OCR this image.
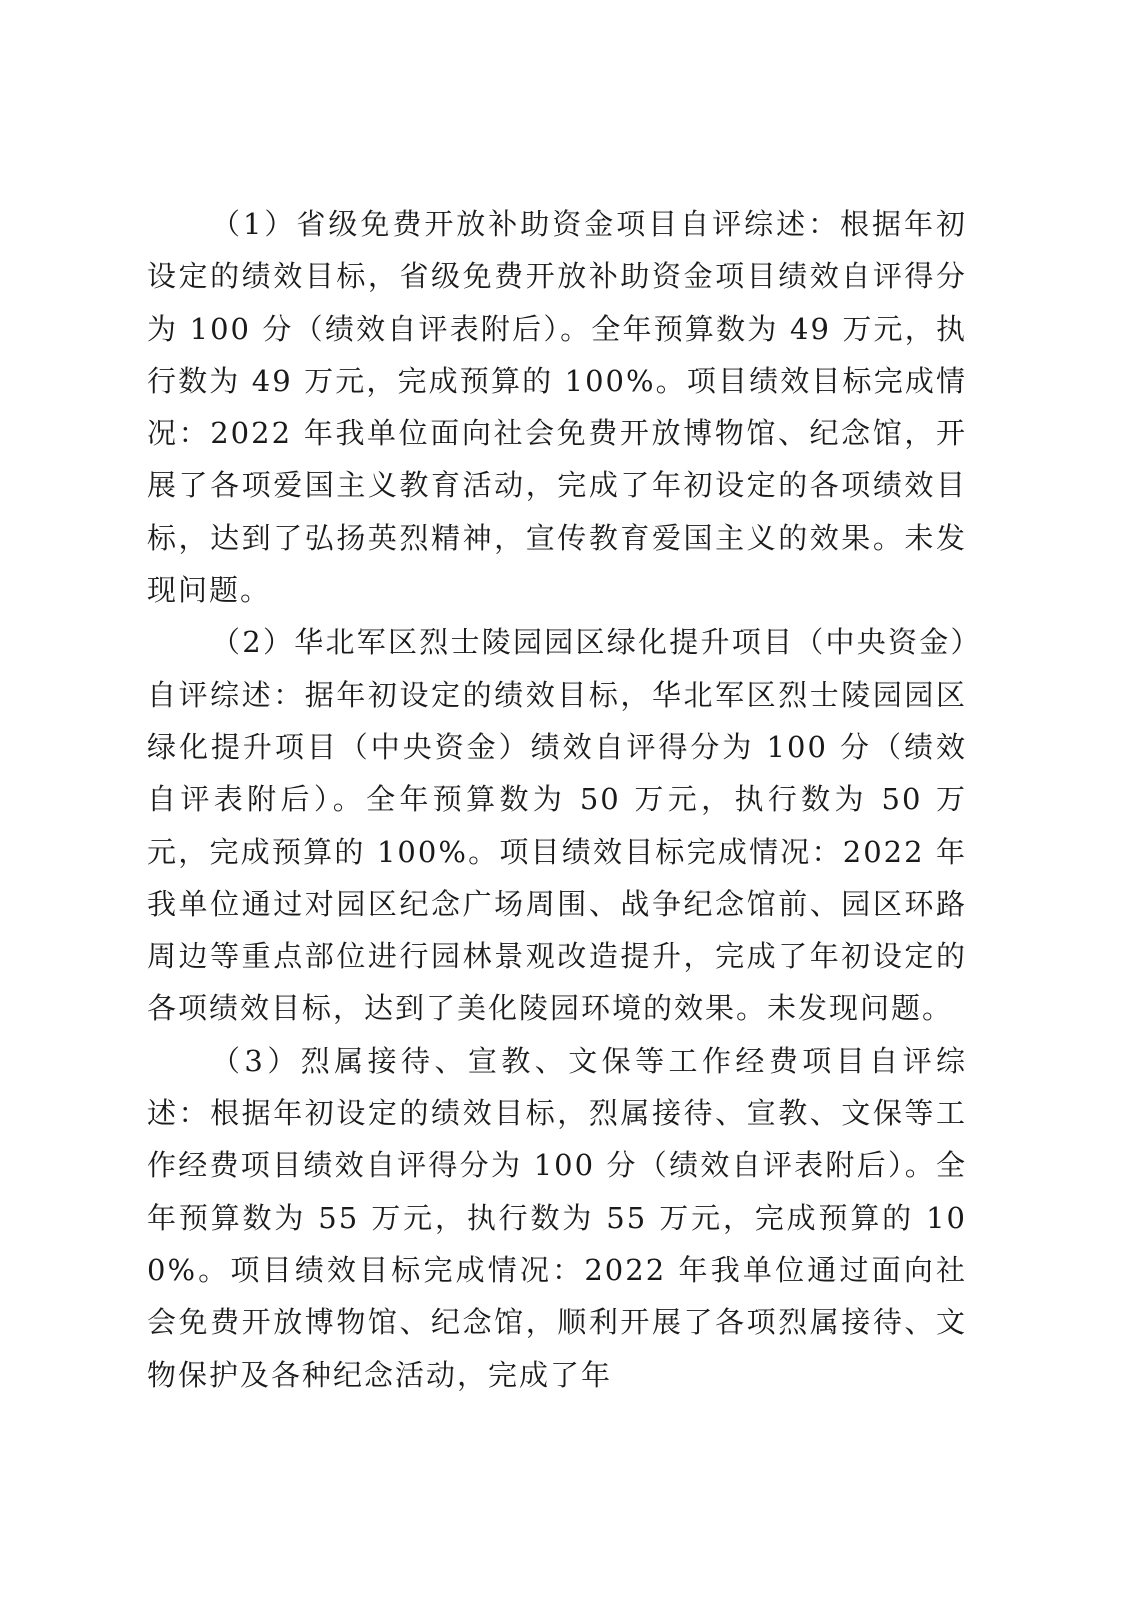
（1）省级免费开放补助资金项目自评综述：根据年初设定的绩效目标，省级免费开放补助资金项目绩效自评得分为 100 分（绩效自评表附后）。全年预算数为 49 万元，执行数为 49 万元，完成预算的 100%。项目绩效目标完成情况：2022 年我单位面向社会免费开放博物馆、纪念馆，开展了各项爱国主义教育活动，完成了年初设定的各项绩效目标，达到了弘扬英烈精神，宣传教育爱国主义的效果。未发现问题。

（2）华北军区烈士陵园园区绿化提升项目（中央资金）自评综述：据年初设定的绩效目标，华北军区烈士陵园园区绿化提升项目（中央资金）绩效自评得分为 100 分（绩效自评表附后）。全年预算数为 50 万元，执行数为 50 万元，完成预算的 100%。项目绩效目标完成情况：2022 年我单位通过对园区纪念广场周围、战争纪念馆前、园区环路周边等重点部位进行园林景观改造提升，完成了年初设定的各项绩效目标，达到了美化陵园环境的效果。未发现问题。

（3）烈属接待、宣教、文保等工作经费项目自评综述：根据年初设定的绩效目标，烈属接待、宣教、文保等工作经费项目绩效自评得分为 100 分（绩效自评表附后）。全年预算数为 55 万元，执行数为 55 万元，完成预算的 100%。项目绩效目标完成情况：2022 年我单位通过面向社会免费开放博物馆、纪念馆，顺利开展了各项烈属接待、文物保护及各种纪念活动，完成了年
